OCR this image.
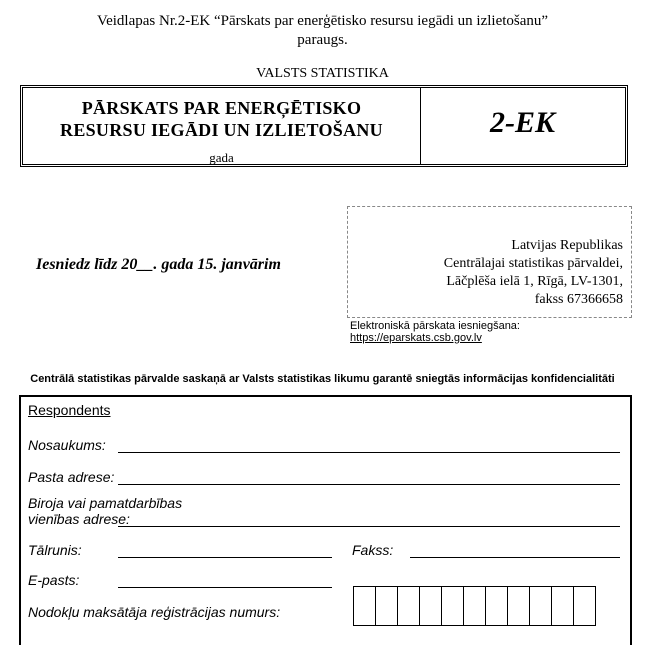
Veidlapas Nr.2-EK “Pārskats par enerģētisko resursu iegādi un izlietošanu”
paraugs.
VALSTS STATISTIKA
PĀRSKATS PAR ENERĢĒTISKO
RESURSU IEGĀDI UN IZLIETOŠANU
gada
2-EK
Iesniedz līdz 20__. gada 15. janvārim
Latvijas Republikas
Centrālajai statistikas pārvaldei,
Lāčplēša ielā 1, Rīgā, LV-1301,
fakss 67366658
Elektroniskā pārskata iesniegšana: https://eparskats.csb.gov.lv
Centrālā statistikas pārvalde saskaņā ar Valsts statistikas likumu garantē sniegtās informācijas konfidencialitāti
Respondents
Nosaukums:
Pasta adrese:
Biroja vai pamatdarbības
vienības adrese:
Tālrunis:	Fakss:
E-pasts:
Nodokļu maksātāja reģistrācijas numurs:
